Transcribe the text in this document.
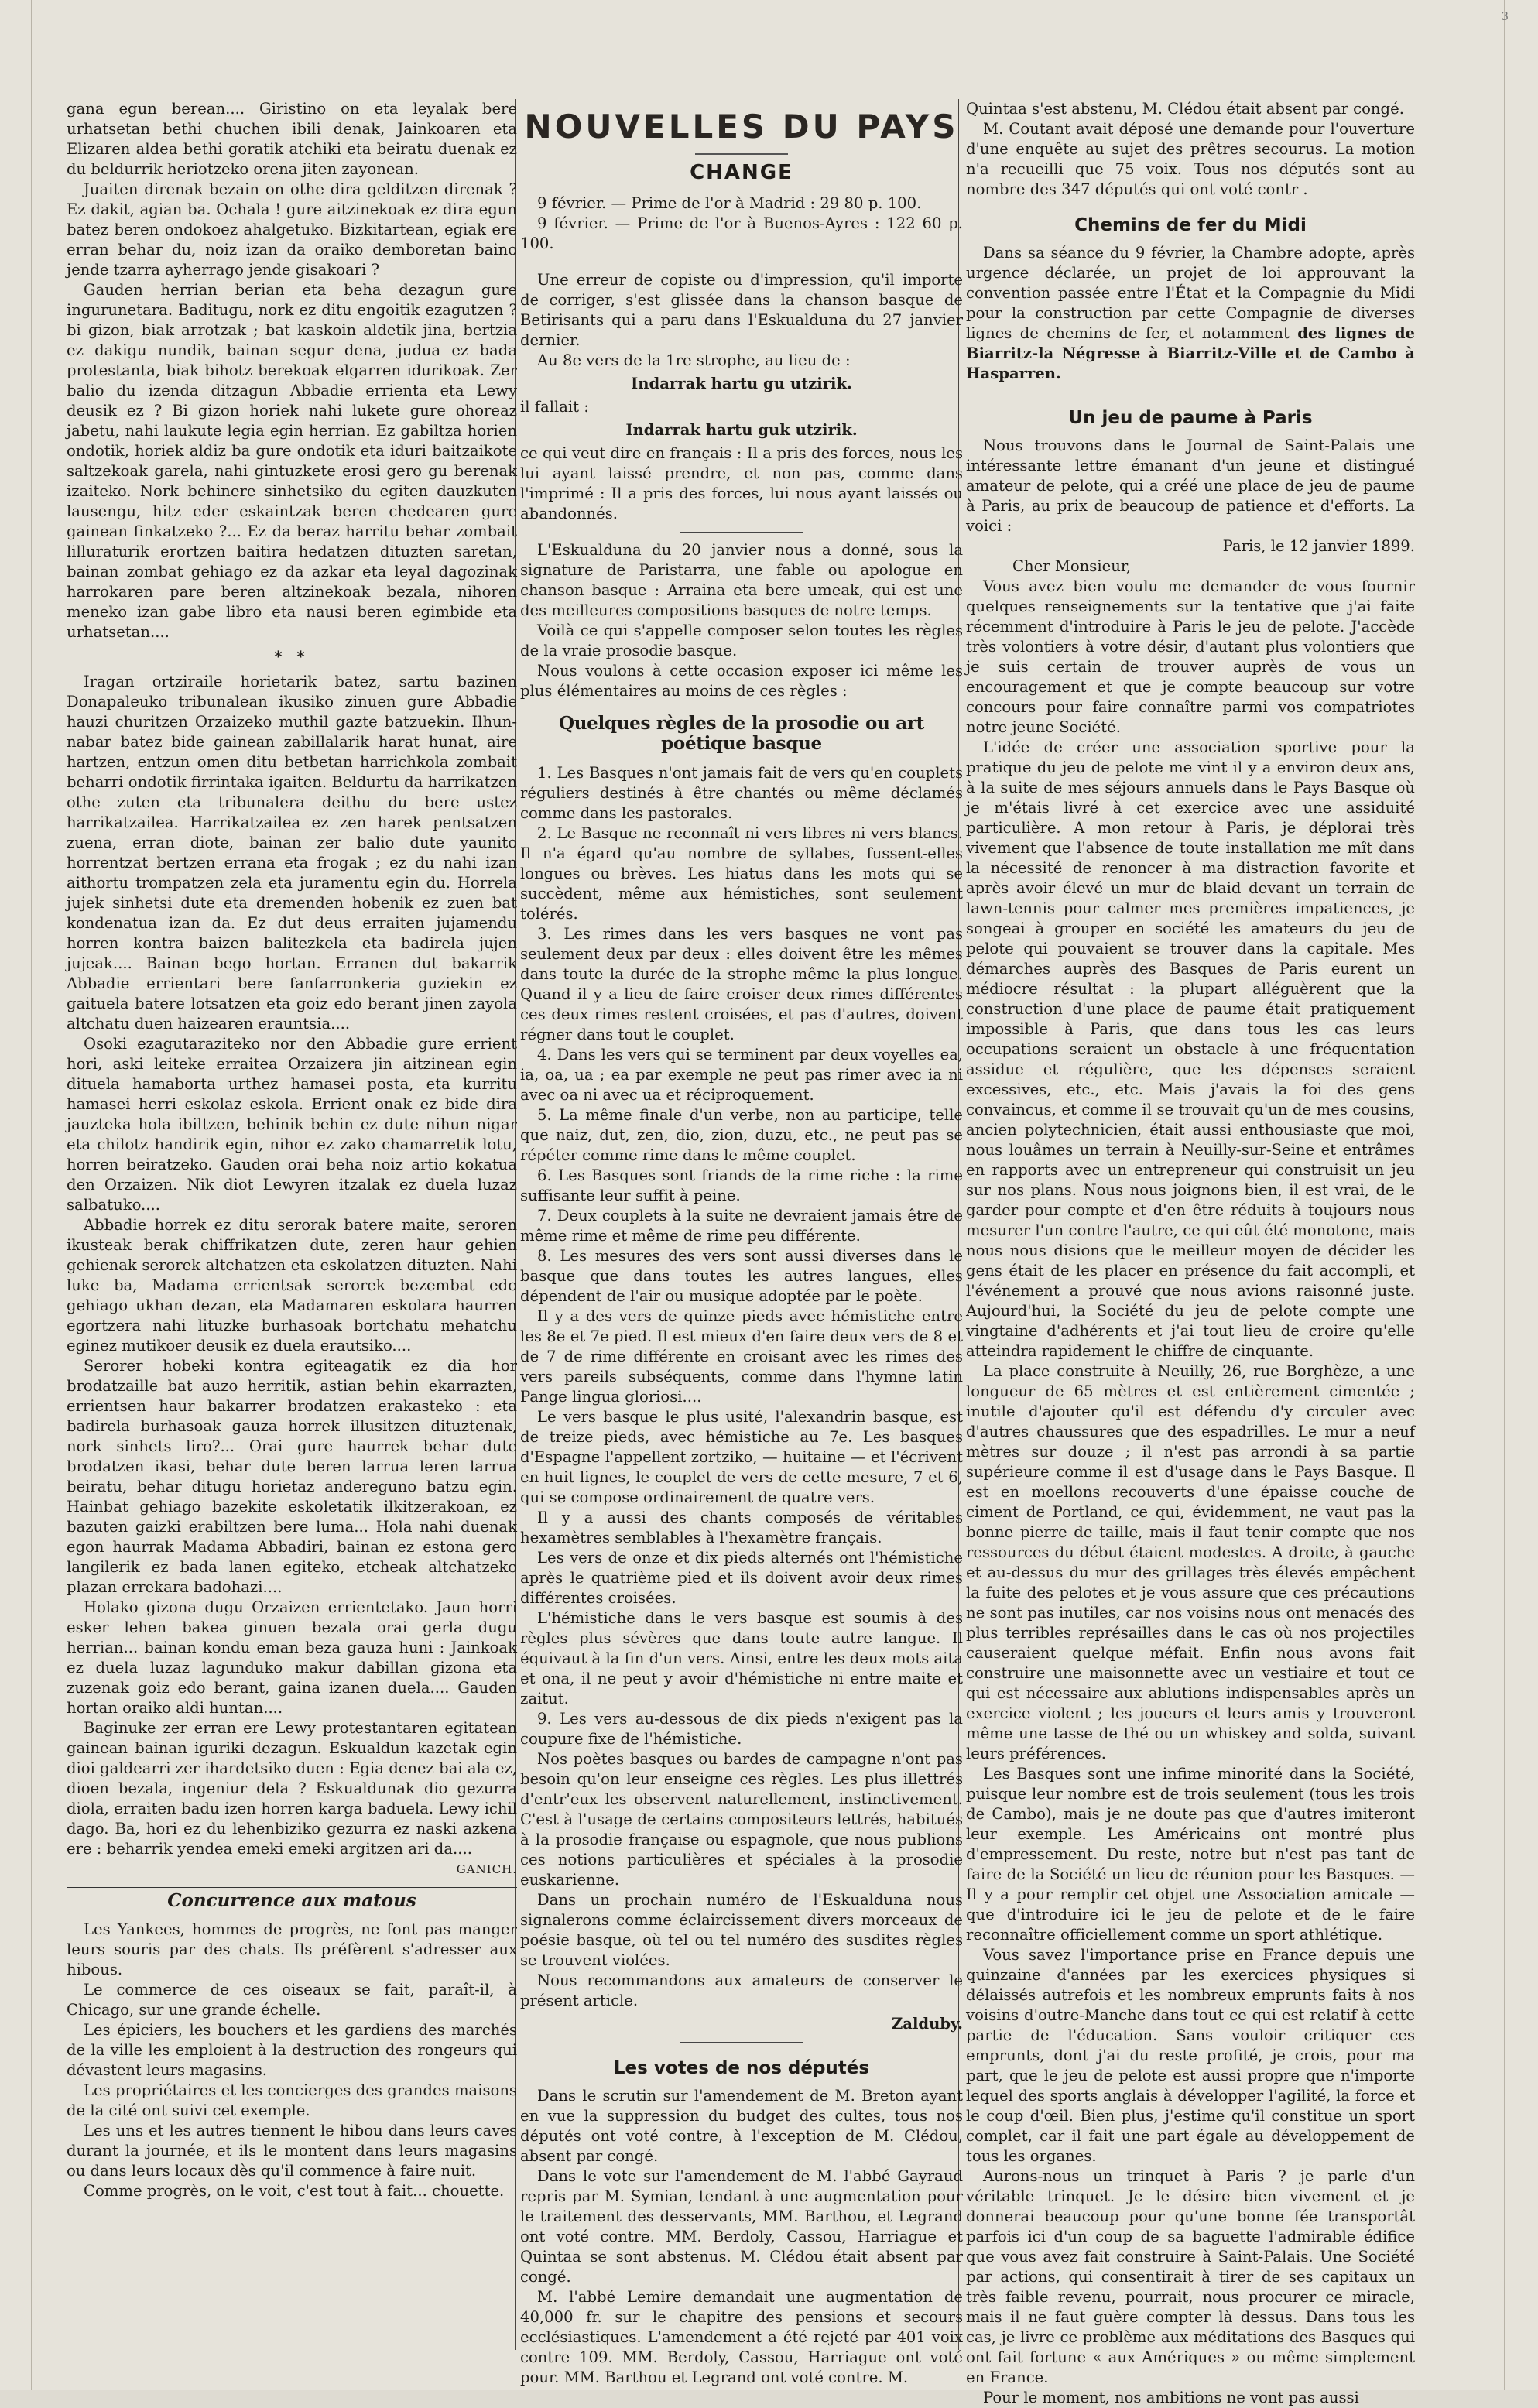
3

gana egun berean.... Giristino on eta leyalak bere urhatsetan bethi chuchen ibili denak, Jainkoaren eta Elizaren aldea bethi goratik atchiki eta beiratu duenak ez du beldurrik heriotzeko orena jiten zayonean.

Juaiten direnak bezain on othe dira gelditzen direnak ? Ez dakit, agian ba. Ochala ! gure aitzinekoak ez dira egun batez beren ondokoez ahalgetuko. Bizkitartean, egiak ere erran behar du, noiz izan da oraiko demboretan baino jende tzarra ayherrago jende gisakoari ?

Gauden herrian berian eta beha dezagun gure ingurunetara. Baditugu, nork ez ditu engoitik ezagutzen ? bi gizon, biak arrotzak ; bat kaskoin aldetik jina, bertzia ez dakigu nundik, bainan segur dena, judua ez bada protestanta, biak bihotz berekoak elgarren idurikoak. Zer balio du izenda ditzagun Abbadie errienta eta Lewy deusik ez ? Bi gizon horiek nahi lukete gure ohoreaz jabetu, nahi laukute legia egin herrian. Ez gabiltza horien ondotik, horiek aldiz ba gure ondotik eta iduri baitzaikote saltzekoak garela, nahi gintuzkete erosi gero gu berenak izaiteko. Nork behinere sinhetsiko du egiten dauzkuten lausengu, hitz eder eskaintzak beren chedearen gure gainean finkatzeko ?... Ez da beraz harritu behar zombait lilluraturik erortzen baitira hedatzen dituzten saretan, bainan zombat gehiago ez da azkar eta leyal dagozinak harrokaren pare beren altzinekoak bezala, nihoren meneko izan gabe libro eta nausi beren egimbide eta urhatsetan....

* *

Iragan ortziraile horietarik batez, sartu bazinen Donapaleuko tribunalean ikusiko zinuen gure Abbadie hauzi churitzen Orzaizeko muthil gazte batzuekin. Ilhun-nabar batez bide gainean zabillalarik harat hunat, aire hartzen, entzun omen ditu betbetan harrichkola zombait beharri ondotik firrintaka igaiten. Beldurtu da harrikatzen othe zuten eta tribunalera deithu du bere ustez harrikatzailea. Harrikatzailea ez zen harek pentsatzen zuena, erran diote, bainan zer balio dute yaunito horrentzat bertzen errana eta frogak ; ez du nahi izan aithortu trompatzen zela eta juramentu egin du. Horrela jujek sinhetsi dute eta dremenden hobenik ez zuen bat kondenatua izan da. Ez dut deus erraiten jujamendu horren kontra baizen balitezkela eta badirela jujen jujeak.... Bainan bego hortan. Erranen dut bakarrik Abbadie errientari bere fanfarronkeria guziekin ez gaituela batere lotsatzen eta goiz edo berant jinen zayola altchatu duen haizearen erauntsia....

Osoki ezagutaraziteko nor den Abbadie gure errient hori, aski leiteke erraitea Orzaizera jin aitzinean egin dituela hamaborta urthez hamasei posta, eta kurritu hamasei herri eskolaz eskola. Errient onak ez bide dira jauzteka hola ibiltzen, behinik behin ez dute nihun nigar eta chilotz handirik egin, nihor ez zako chamarretik lotu, horren beiratzeko. Gauden orai beha noiz artio kokatua den Orzaizen. Nik diot Lewyren itzalak ez duela luzaz salbatuko....

Abbadie horrek ez ditu serorak batere maite, seroren ikusteak berak chiffrikatzen dute, zeren haur gehien gehienak serorek altchatzen eta eskolatzen dituzten. Nahi luke ba, Madama errientsak serorek bezembat edo gehiago ukhan dezan, eta Madamaren eskolara haurren egortzera nahi lituzke burhasoak bortchatu mehatchu eginez mutikoer deusik ez duela erautsiko....

Serorer hobeki kontra egiteagatik ez dia hor brodatzaille bat auzo herritik, astian behin ekarrazten, errientsen haur bakarrer brodatzen erakasteko : eta badirela burhasoak gauza horrek illusitzen dituztenak, nork sinhets liro?... Orai gure haurrek behar dute brodatzen ikasi, behar dute beren larrua leren larrua beiratu, behar ditugu horietaz andereguno batzu egin. Hainbat gehiago bazekite eskoletatik ilkitzerakoan, ez bazuten gaizki erabiltzen bere luma... Hola nahi duenak egon haurrak Madama Abbadiri, bainan ez estona gero langilerik ez bada lanen egiteko, etcheak altchatzeko plazan errekara badohazi....

Holako gizona dugu Orzaizen errientetako. Jaun horri esker lehen bakea ginuen bezala orai gerla dugu herrian... bainan kondu eman beza gauza huni : Jainkoak ez duela luzaz lagunduko makur dabillan gizona eta zuzenak goiz edo berant, gaina izanen duela.... Gauden hortan oraiko aldi huntan....

Baginuke zer erran ere Lewy protestantaren egitatean gainean bainan iguriki dezagun. Eskualdun kazetak egin dioi galdearri zer ihardetsiko duen : Egia denez bai ala ez, dioen bezala, ingeniur dela ? Eskualdunak dio gezurra diola, erraiten badu izen horren karga baduela. Lewy ichil dago. Ba, hori ez du lehenbiziko gezurra ez naski azkena ere : beharrik yendea emeki emeki argitzen ari da....

GANICH.

Concurrence aux matous

Les Yankees, hommes de progrès, ne font pas manger leurs souris par des chats. Ils préfèrent s'adresser aux hibous.

Le commerce de ces oiseaux se fait, paraît-il, à Chicago, sur une grande échelle.

Les épiciers, les bouchers et les gardiens des marchés de la ville les emploient à la destruction des rongeurs qui dévastent leurs magasins.

Les propriétaires et les concierges des grandes maisons de la cité ont suivi cet exemple.

Les uns et les autres tiennent le hibou dans leurs caves durant la journée, et ils le montent dans leurs magasins ou dans leurs locaux dès qu'il commence à faire nuit.

Comme progrès, on le voit, c'est tout à fait... chouette.

NOUVELLES DU PAYS
CHANGE

9 février. — Prime de l'or à Madrid : 29 80 p. 100.

9 février. — Prime de l'or à Buenos-Ayres : 122 60 p. 100.

Une erreur de copiste ou d'impression, qu'il importe de corriger, s'est glissée dans la chanson basque de Betirisants qui a paru dans l'Eskualduna du 27 janvier dernier.

Au 8e vers de la 1re strophe, au lieu de :

Indarrak hartu gu utzirik.

il fallait :

Indarrak hartu guk utzirik.

ce qui veut dire en français : Il a pris des forces, nous les lui ayant laissé prendre, et non pas, comme dans l'imprimé : Il a pris des forces, lui nous ayant laissés ou abandonnés.

L'Eskualduna du 20 janvier nous a donné, sous la signature de Paristarra, une fable ou apologue en chanson basque : Arraina eta bere umeak, qui est une des meilleures compositions basques de notre temps.

Voilà ce qui s'appelle composer selon toutes les règles de la vraie prosodie basque.

Nous voulons à cette occasion exposer ici même les plus élémentaires au moins de ces règles :

Quelques règles de la prosodie ou art poétique basque

1. Les Basques n'ont jamais fait de vers qu'en couplets réguliers destinés à être chantés ou même déclamés comme dans les pastorales.

2. Le Basque ne reconnaît ni vers libres ni vers blancs. Il n'a égard qu'au nombre de syllabes, fussent-elles longues ou brèves. Les hiatus dans les mots qui se succèdent, même aux hémistiches, sont seulement tolérés.

3. Les rimes dans les vers basques ne vont pas seulement deux par deux : elles doivent être les mêmes dans toute la durée de la strophe même la plus longue. Quand il y a lieu de faire croiser deux rimes différentes ces deux rimes restent croisées, et pas d'autres, doivent régner dans tout le couplet.

4. Dans les vers qui se terminent par deux voyelles ea, ia, oa, ua ; ea par exemple ne peut pas rimer avec ia ni avec oa ni avec ua et réciproquement.

5. La même finale d'un verbe, non au participe, telle que naiz, dut, zen, dio, zion, duzu, etc., ne peut pas se répéter comme rime dans le même couplet.

6. Les Basques sont friands de la rime riche : la rime suffisante leur suffit à peine.

7. Deux couplets à la suite ne devraient jamais être de même rime et même de rime peu différente.

8. Les mesures des vers sont aussi diverses dans le basque que dans toutes les autres langues, elles dépendent de l'air ou musique adoptée par le poète.

Il y a des vers de quinze pieds avec hémistiche entre les 8e et 7e pied. Il est mieux d'en faire deux vers de 8 et de 7 de rime différente en croisant avec les rimes des vers pareils subséquents, comme dans l'hymne latin Pange lingua gloriosi....

Le vers basque le plus usité, l'alexandrin basque, est de treize pieds, avec hémistiche au 7e. Les basques d'Espagne l'appellent zortziko, — huitaine — et l'écrivent en huit lignes, le couplet de vers de cette mesure, 7 et 6, qui se compose ordinairement de quatre vers.

Il y a aussi des chants composés de véritables hexamètres semblables à l'hexamètre français.

Les vers de onze et dix pieds alternés ont l'hémistiche après le quatrième pied et ils doivent avoir deux rimes différentes croisées.

L'hémistiche dans le vers basque est soumis à des règles plus sévères que dans toute autre langue. Il équivaut à la fin d'un vers. Ainsi, entre les deux mots aita et ona, il ne peut y avoir d'hémistiche ni entre maite et zaitut.

9. Les vers au-dessous de dix pieds n'exigent pas la coupure fixe de l'hémistiche.

Nos poètes basques ou bardes de campagne n'ont pas besoin qu'on leur enseigne ces règles. Les plus illettrés d'entr'eux les observent naturellement, instinctivement. C'est à l'usage de certains compositeurs lettrés, habitués à la prosodie française ou espagnole, que nous publions ces notions particulières et spéciales à la prosodie euskarienne.

Dans un prochain numéro de l'Eskualduna nous signalerons comme éclaircissement divers morceaux de poésie basque, où tel ou tel numéro des susdites règles se trouvent violées.

Nous recommandons aux amateurs de conserver le présent article.

Zalduby.

Les votes de nos députés

Dans le scrutin sur l'amendement de M. Breton ayant en vue la suppression du budget des cultes, tous nos députés ont voté contre, à l'exception de M. Clédou, absent par congé.

Dans le vote sur l'amendement de M. l'abbé Gayraud repris par M. Symian, tendant à une augmentation pour le traitement des desservants, MM. Barthou, et Legrand ont voté contre. MM. Berdoly, Cassou, Harriague et Quintaa se sont abstenus. M. Clédou était absent par congé.

M. l'abbé Lemire demandait une augmentation de 40,000 fr. sur le chapitre des pensions et secours ecclésiastiques. L'amendement a été rejeté par 401 voix contre 109. MM. Berdoly, Cassou, Harriague ont voté pour. MM. Barthou et Legrand ont voté contre. M.

Quintaa s'est abstenu, M. Clédou était absent par congé.

M. Coutant avait déposé une demande pour l'ouverture d'une enquête au sujet des prêtres secourus. La motion n'a recueilli que 75 voix. Tous nos députés sont au nombre des 347 députés qui ont voté contr .

Chemins de fer du Midi

Dans sa séance du 9 février, la Chambre adopte, après urgence déclarée, un projet de loi approuvant la convention passée entre l'État et la Compagnie du Midi pour la construction par cette Compagnie de diverses lignes de chemins de fer, et notamment des lignes de Biarritz-la Négresse à Biarritz-Ville et de Cambo à Hasparren.

Un jeu de paume à Paris

Nous trouvons dans le Journal de Saint-Palais une intéressante lettre émanant d'un jeune et distingué amateur de pelote, qui a créé une place de jeu de paume à Paris, au prix de beaucoup de patience et d'efforts. La voici :

Paris, le 12 janvier 1899.

Cher Monsieur,

Vous avez bien voulu me demander de vous fournir quelques renseignements sur la tentative que j'ai faite récemment d'introduire à Paris le jeu de pelote. J'accède très volontiers à votre désir, d'autant plus volontiers que je suis certain de trouver auprès de vous un encouragement et que je compte beaucoup sur votre concours pour faire connaître parmi vos compatriotes notre jeune Société.

L'idée de créer une association sportive pour la pratique du jeu de pelote me vint il y a environ deux ans, à la suite de mes séjours annuels dans le Pays Basque où je m'étais livré à cet exercice avec une assiduité particulière. A mon retour à Paris, je déplorai très vivement que l'absence de toute installation me mît dans la nécessité de renoncer à ma distraction favorite et après avoir élevé un mur de blaid devant un terrain de lawn-tennis pour calmer mes premières impatiences, je songeai à grouper en société les amateurs du jeu de pelote qui pouvaient se trouver dans la capitale. Mes démarches auprès des Basques de Paris eurent un médiocre résultat : la plupart alléguèrent que la construction d'une place de paume était pratiquement impossible à Paris, que dans tous les cas leurs occupations seraient un obstacle à une fréquentation assidue et régulière, que les dépenses seraient excessives, etc., etc. Mais j'avais la foi des gens convaincus, et comme il se trouvait qu'un de mes cousins, ancien polytechnicien, était aussi enthousiaste que moi, nous louâmes un terrain à Neuilly-sur-Seine et entrâmes en rapports avec un entrepreneur qui construisit un jeu sur nos plans. Nous nous joignons bien, il est vrai, de le garder pour compte et d'en être réduits à toujours nous mesurer l'un contre l'autre, ce qui eût été monotone, mais nous nous disions que le meilleur moyen de décider les gens était de les placer en présence du fait accompli, et l'événement a prouvé que nous avions raisonné juste. Aujourd'hui, la Société du jeu de pelote compte une vingtaine d'adhérents et j'ai tout lieu de croire qu'elle atteindra rapidement le chiffre de cinquante.

La place construite à Neuilly, 26, rue Borghèze, a une longueur de 65 mètres et est entièrement cimentée ; inutile d'ajouter qu'il est défendu d'y circuler avec d'autres chaussures que des espadrilles. Le mur a neuf mètres sur douze ; il n'est pas arrondi à sa partie supérieure comme il est d'usage dans le Pays Basque. Il est en moellons recouverts d'une épaisse couche de ciment de Portland, ce qui, évidemment, ne vaut pas la bonne pierre de taille, mais il faut tenir compte que nos ressources du début étaient modestes. A droite, à gauche et au-dessus du mur des grillages très élevés empêchent la fuite des pelotes et je vous assure que ces précautions ne sont pas inutiles, car nos voisins nous ont menacés des plus terribles représailles dans le cas où nos projectiles causeraient quelque méfait. Enfin nous avons fait construire une maisonnette avec un vestiaire et tout ce qui est nécessaire aux ablutions indispensables après un exercice violent ; les joueurs et leurs amis y trouveront même une tasse de thé ou un whiskey and solda, suivant leurs préférences.

Les Basques sont une infime minorité dans la Société, puisque leur nombre est de trois seulement (tous les trois de Cambo), mais je ne doute pas que d'autres imiteront leur exemple. Les Américains ont montré plus d'empressement. Du reste, notre but n'est pas tant de faire de la Société un lieu de réunion pour les Basques. — Il y a pour remplir cet objet une Association amicale — que d'introduire ici le jeu de pelote et de le faire reconnaître officiellement comme un sport athlétique.

Vous savez l'importance prise en France depuis une quinzaine d'années par les exercices physiques si délaissés autrefois et les nombreux emprunts faits à nos voisins d'outre-Manche dans tout ce qui est relatif à cette partie de l'éducation. Sans vouloir critiquer ces emprunts, dont j'ai du reste profité, je crois, pour ma part, que le jeu de pelote est aussi propre que n'importe lequel des sports anglais à développer l'agilité, la force et le coup d'œil. Bien plus, j'estime qu'il constitue un sport complet, car il fait une part égale au développement de tous les organes.

Aurons-nous un trinquet à Paris ? je parle d'un véritable trinquet. Je le désire bien vivement et je donnerai beaucoup pour qu'une bonne fée transportât parfois ici d'un coup de sa baguette l'admirable édifice que vous avez fait construire à Saint-Palais. Une Société par actions, qui consentirait à tirer de ses capitaux un très faible revenu, pourrait, nous procurer ce miracle, mais il ne faut guère compter là dessus. Dans tous les cas, je livre ce problème aux méditations des Basques qui ont fait fortune « aux Amériques » ou même simplement en France.

Pour le moment, nos ambitions ne vont pas aussi
